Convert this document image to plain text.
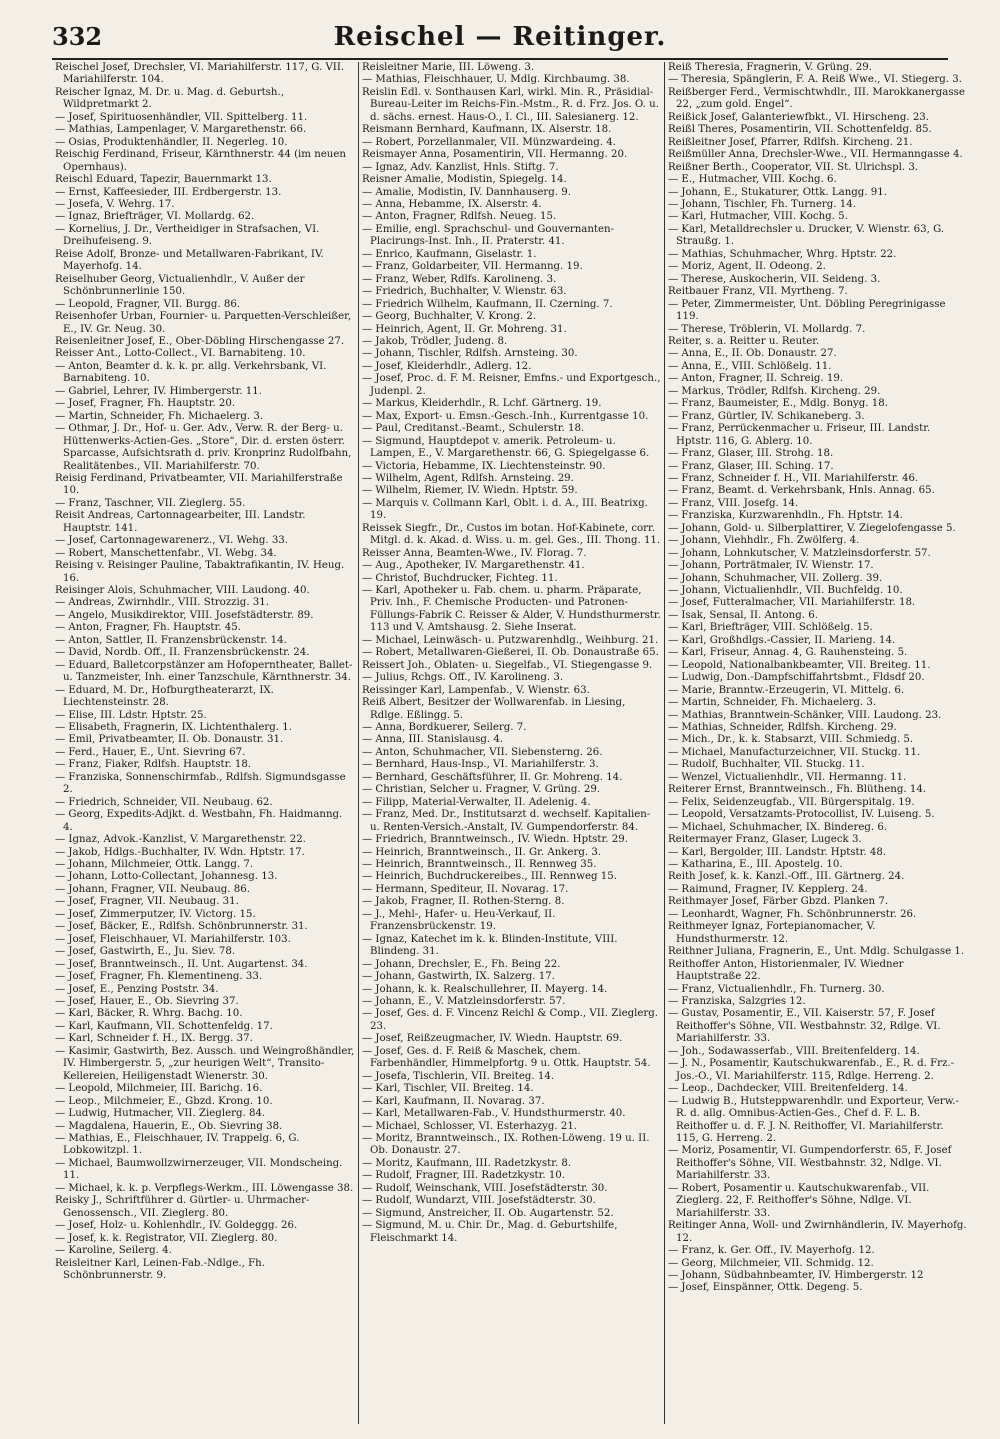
332	Reischel — Reitinger.

Reischel Josef, Drechsler, VI. Mariahilferstr. 117, G. VII. Mariahilferstr. 104.

Reischer Ignaz, M. Dr. u. Mag. d. Geburtsh., Wildpretmarkt 2.

— Josef, Spirituosenhändler, VII. Spittelberg. 11.

— Mathias, Lampenlager, V. Margarethenstr. 66.

— Osias, Produktenhändler, II. Negerleg. 10.

Reischig Ferdinand, Friseur, Kärnthnerstr. 44 (im neuen Opernhaus).

Reischl Eduard, Tapezir, Bauernmarkt 13.

— Ernst, Kaffeesieder, III. Erdbergerstr. 13.

— Josefa, V. Wehrg. 17.

— Ignaz, Briefträger, VI. Mollardg. 62.

— Kornelius, J. Dr., Vertheidiger in Strafsachen, VI. Dreihufeiseng. 9.

Reise Adolf, Bronze- und Metallwaren-Fabrikant, IV. Mayerhofg. 14.

Reiselhuber Georg, Victualienhdlr., V. Außer der Schönbrunnerlinie 150.

— Leopold, Fragner, VII. Burgg. 86.

Reisenhofer Urban, Fournier- u. Parquetten-Verschleißer, E., IV. Gr. Neug. 30.

Reisenleitner Josef, E., Ober-Döbling Hirschengasse 27.

Reisser Ant., Lotto-Collect., VI. Barnabiteng. 10.

— Anton, Beamter d. k. k. pr. allg. Verkehrsbank, VI. Barnabiteng. 10.

— Gabriel, Lehrer, IV. Himbergerstr. 11.

— Josef, Fragner, Fh. Hauptstr. 20.

— Martin, Schneider, Fh. Michaelerg. 3.

— Othmar, J. Dr., Hof- u. Ger. Adv., Verw. R. der Berg- u. Hüttenwerks-Actien-Ges. „Store“, Dir. d. ersten österr. Sparcasse, Aufsichtsrath d. priv. Kronprinz Rudolfbahn, Realitätenbes., VII. Mariahilferstr. 70.

Reisig Ferdinand, Privatbeamter, VII. Mariahilferstraße 10.

— Franz, Taschner, VII. Zieglerg. 55.

Reisit Andreas, Cartonnagearbeiter, III. Landstr. Hauptstr. 141.

— Josef, Cartonnagewarenerz., VI. Wehg. 33.

— Robert, Manschettenfabr., VI. Webg. 34.

Reising v. Reisinger Pauline, Tabaktrafikantin, IV. Heug. 16.

Reisinger Alois, Schuhmacher, VIII. Laudong. 40.

— Andreas, Zwirnhdlr., VIII. Strozzig. 31.

— Angelo, Musikdirektor, VIII. Josefstädterstr. 89.

— Anton, Fragner, Fh. Hauptstr. 45.

— Anton, Sattler, II. Franzensbrückenstr. 14.

— David, Nordb. Off., II. Franzensbrückenstr. 24.

— Eduard, Balletcorpstänzer am Hofoperntheater, Ballet- u. Tanzmeister, Inh. einer Tanzschule, Kärnthnerstr. 34.

— Eduard, M. Dr., Hofburgtheaterarzt, IX. Liechtensteinstr. 28.

— Elise, III. Ldstr. Hptstr. 25.

— Elisabeth, Fragnerin, IX. Lichtenthalerg. 1.

— Emil, Privatbeamter, II. Ob. Donaustr. 31.

— Ferd., Hauer, E., Unt. Sievring 67.

— Franz, Fiaker, Rdlfsh. Hauptstr. 18.

— Franziska, Sonnenschirmfab., Rdlfsh. Sigmundsgasse 2.

— Friedrich, Schneider, VII. Neubaug. 62.

— Georg, Expedits-Adjkt. d. Westbahn, Fh. Haidmanng. 4.

— Ignaz, Advok.-Kanzlist, V. Margarethenstr. 22.

— Jakob, Hdlgs.-Buchhalter, IV. Wdn. Hptstr. 17.

— Johann, Milchmeier, Ottk. Langg. 7.

— Johann, Lotto-Collectant, Johannesg. 13.

— Johann, Fragner, VII. Neubaug. 86.

— Josef, Fragner, VII. Neubaug. 31.

— Josef, Zimmerputzer, IV. Victorg. 15.

— Josef, Bäcker, E., Rdlfsh. Schönbrunnerstr. 31.

— Josef, Fleischhauer, VI. Mariahilferstr. 103.

— Josef, Gastwirth, E., Ju. Siev. 78.

— Josef, Branntweinsch., II. Unt. Augartenst. 34.

— Josef, Fragner, Fh. Klementineng. 33.

— Josef, E., Penzing Poststr. 34.

— Josef, Hauer, E., Ob. Sievring 37.

— Karl, Bäcker, R. Whrg. Bachg. 10.

— Karl, Kaufmann, VII. Schottenfeldg. 17.

— Karl, Schneider f. H., IX. Bergg. 37.

— Kasimir, Gastwirth, Bez. Aussch. und Weingroßhändler, IV. Himbergerstr. 5, „zur heurigen Welt“, Transito-Kellereien, Heiligenstadt Wienerstr. 30.

— Leopold, Milchmeier, III. Barichg. 16.

— Leop., Milchmeier, E., Gbzd. Krong. 10.

— Ludwig, Hutmacher, VII. Zieglerg. 84.

— Magdalena, Hauerin, E., Ob. Sievring 38.

— Mathias, E., Fleischhauer, IV. Trappelg. 6, G. Lobkowitzpl. 1.

— Michael, Baumwollzwirnerzeuger, VII. Mondscheing. 11.

— Michael, k. k. p. Verpflegs-Werkm., III. Löwengasse 38.

Reisky J., Schriftführer d. Gürtler- u. Uhrmacher-Genossensch., VII. Zieglerg. 80.

— Josef, Holz- u. Kohlenhdlr., IV. Goldeggg. 26.

— Josef, k. k. Registrator, VII. Zieglerg. 80.

— Karoline, Seilerg. 4.

Reisleitner Karl, Leinen-Fab.-Ndlge., Fh. Schönbrunnerstr. 9.

Reisleitner Marie, III. Löweng. 3.

— Mathias, Fleischhauer, U. Mdlg. Kirchbaumg. 38.

Reislin Edl. v. Sonthausen Karl, wirkl. Min. R., Präsidial-Bureau-Leiter im Reichs-Fin.-Mstm., R. d. Frz. Jos. O. u. d. sächs. ernest. Haus-O., I. Cl., III. Salesianerg. 12.

Reismann Bernhard, Kaufmann, IX. Alserstr. 18.

— Robert, Porzellanmaler, VII. Münzwardeing. 4.

Reismayer Anna, Posamentirin, VII. Hermanng. 20.

— Ignaz, Adv. Kanzlist, Hnls. Stiftg. 7.

Reisner Amalie, Modistin, Spiegelg. 14.

— Amalie, Modistin, IV. Dannhauserg. 9.

— Anna, Hebamme, IX. Alserstr. 4.

— Anton, Fragner, Rdlfsh. Neueg. 15.

— Emilie, engl. Sprachschul- und Gouvernanten-Placirungs-Inst. Inh., II. Praterstr. 41.

— Enrico, Kaufmann, Giselastr. 1.

— Franz, Goldarbeiter, VII. Hermanng. 19.

— Franz, Weber, Rdlfs. Karolineng. 3.

— Friedrich, Buchhalter, V. Wienstr. 63.

— Friedrich Wilhelm, Kaufmann, II. Czerning. 7.

— Georg, Buchhalter, V. Krong. 2.

— Heinrich, Agent, II. Gr. Mohreng. 31.

— Jakob, Trödler, Judeng. 8.

— Johann, Tischler, Rdlfsh. Arnsteing. 30.

— Josef, Kleiderhdlr., Adlerg. 12.

— Josef, Proc. d. F. M. Reisner, Emfns.- und Exportgesch., Judenpl. 2.

— Markus, Kleiderhdlr., R. Lchf. Gärtnerg. 19.

— Max, Export- u. Emsn.-Gesch.-Inh., Kurrentgasse 10.

— Paul, Creditanst.-Beamt., Schulerstr. 18.

— Sigmund, Hauptdepot v. amerik. Petroleum- u. Lampen, E., V. Margarethenstr. 66, G. Spiegelgasse 6.

— Victoria, Hebamme, IX. Liechtensteinstr. 90.

— Wilhelm, Agent, Rdlfsh. Arnsteing. 29.

— Wilhelm, Riemer, IV. Wiedn. Hptstr. 59.

— Marquis v. Collmann Karl, Oblt. i. d. A., III. Beatrixg. 19.

Reissek Siegfr., Dr., Custos im botan. Hof-Kabinete, corr. Mitgl. d. k. Akad. d. Wiss. u. m. gel. Ges., III. Thong. 11.

Reisser Anna, Beamten-Wwe., IV. Florag. 7.

— Aug., Apotheker, IV. Margarethenstr. 41.

— Christof, Buchdrucker, Fichteg. 11.

— Karl, Apotheker u. Fab. chem. u. pharm. Präparate, Priv. Inh., F. Chemische Producten- und Patronen-Füllungs-Fabrik C. Reisser & Alder, V. Hundsthurmerstr. 113 und V. Amtshausg. 2. Siehe Inserat.

— Michael, Leinwäsch- u. Putzwarenhdlg., Weihburg. 21.

— Robert, Metallwaren-Gießerei, II. Ob. Donaustraße 65.

Reissert Joh., Oblaten- u. Siegelfab., VI. Stiegengasse 9.

— Julius, Rchgs. Off., IV. Karolineng. 3.

Reissinger Karl, Lampenfab., V. Wienstr. 63.

Reiß Albert, Besitzer der Wollwarenfab. in Liesing, Rdlge. Eßlingg. 5.

— Anna, Bordkuerer, Seilerg. 7.

— Anna, III. Stanislausg. 4.

— Anton, Schuhmacher, VII. Siebensterng. 26.

— Bernhard, Haus-Insp., VI. Mariahilferstr. 3.

— Bernhard, Geschäftsführer, II. Gr. Mohreng. 14.

— Christian, Selcher u. Fragner, V. Grüng. 29.

— Filipp, Material-Verwalter, II. Adelenig. 4.

— Franz, Med. Dr., Institutsarzt d. wechself. Kapitalien- u. Renten-Versich.-Anstalt, IV. Gumpendorferstr. 84.

— Friedrich, Branntweinsch., IV. Wiedn. Hptstr. 29.

— Heinrich, Branntweinsch., II. Gr. Ankerg. 3.

— Heinrich, Branntweinsch., II. Rennweg 35.

— Heinrich, Buchdruckereibes., III. Rennweg 15.

— Hermann, Spediteur, II. Novarag. 17.

— Jakob, Fragner, II. Rothen-Sterng. 8.

— J., Mehl-, Hafer- u. Heu-Verkauf, II. Franzensbrückenstr. 19.

— Ignaz, Katechet im k. k. Blinden-Institute, VIII. Blindeng. 31.

— Johann, Drechsler, E., Fh. Being 22.

— Johann, Gastwirth, IX. Salzerg. 17.

— Johann, k. k. Realschullehrer, II. Mayerg. 14.

— Johann, E., V. Matzleinsdorferstr. 57.

— Josef, Ges. d. F. Vincenz Reichl & Comp., VII. Zieglerg. 23.

— Josef, Reißzeugmacher, IV. Wiedn. Hauptstr. 69.

— Josef, Ges. d. F. Reiß & Maschek, chem. Farbenhändler, Himmelpfortg. 9 u. Ottk. Hauptstr. 54.

— Josefa, Tischlerin, VII. Breiteg. 14.

— Karl, Tischler, VII. Breiteg. 14.

— Karl, Kaufmann, II. Novarag. 37.

— Karl, Metallwaren-Fab., V. Hundsthurmerstr. 40.

— Michael, Schlosser, VI. Esterhazyg. 21.

— Moritz, Branntweinsch., IX. Rothen-Löweng. 19 u. II. Ob. Donaustr. 27.

— Moritz, Kaufmann, III. Radetzkystr. 8.

— Rudolf, Fragner, III. Radetzkystr. 10.

— Rudolf, Weinschank, VIII. Josefstädterstr. 30.

— Rudolf, Wundarzt, VIII. Josefstädterstr. 30.

— Sigmund, Anstreicher, II. Ob. Augartenstr. 52.

— Sigmund, M. u. Chir. Dr., Mag. d. Geburtshilfe, Fleischmarkt 14.

Reiß Theresia, Fragnerin, V. Grüng. 29.

— Theresia, Spänglerin, F. A. Reiß Wwe., VI. Stiegerg. 3.

Reißberger Ferd., Vermischtwhdlr., III. Marokkanergasse 22, „zum gold. Engel“.

Reißick Josef, Galanteriewfbkt., VI. Hirscheng. 23.

Reißl Theres, Posamentirin, VII. Schottenfeldg. 85.

Reißleitner Josef, Pfarrer, Rdlfsh. Kircheng. 21.

Reißmüller Anna, Drechsler-Wwe., VII. Hermanngasse 4.

Reißner Berth., Cooperator, VII. St. Ulrichspl. 3.

— E., Hutmacher, VIII. Kochg. 6.

— Johann, E., Stukaturer, Ottk. Langg. 91.

— Johann, Tischler, Fh. Turnerg. 14.

— Karl, Hutmacher, VIII. Kochg. 5.

— Karl, Metalldrechsler u. Drucker, V. Wienstr. 63, G. Straußg. 1.

— Mathias, Schuhmacher, Whrg. Hptstr. 22.

— Moriz, Agent, II. Odeong. 2.

— Therese, Auskocherin, VII. Seideng. 3.

Reitbauer Franz, VII. Myrtheng. 7.

— Peter, Zimmermeister, Unt. Döbling Peregrinigasse 119.

— Therese, Tröblerin, VI. Mollardg. 7.

Reiter, s. a. Reitter u. Reuter.

— Anna, E., II. Ob. Donaustr. 27.

— Anna, E., VIII. Schlößelg. 11.

— Anton, Fragner, II. Schreig. 19.

— Markus, Trödler, Rdlfsh. Kircheng. 29.

— Franz, Baumeister, E., Mdlg. Bonyg. 18.

— Franz, Gürtler, IV. Schikaneberg. 3.

— Franz, Perrückenmacher u. Friseur, III. Landstr. Hptstr. 116, G. Ablerg. 10.

— Franz, Glaser, III. Strohg. 18.

— Franz, Glaser, III. Sching. 17.

— Franz, Schneider f. H., VII. Mariahilferstr. 46.

— Franz, Beamt. d. Verkehrsbank, Hnls. Annag. 65.

— Franz, VIII. Josefg. 14.

— Franziska, Kurzwarenhdln., Fh. Hptstr. 14.

— Johann, Gold- u. Silberplattirer, V. Ziegelofengasse 5.

— Johann, Viehhdlr., Fh. Zwölferg. 4.

— Johann, Lohnkutscher, V. Matzleinsdorferstr. 57.

— Johann, Porträtmaler, IV. Wienstr. 17.

— Johann, Schuhmacher, VII. Zollerg. 39.

— Johann, Victualienhdlr., VII. Buchfeldg. 10.

— Josef, Futteralmacher, VII. Mariahilferstr. 18.

— Isak, Sensal, II. Antong. 6.

— Karl, Briefträger, VIII. Schlößelg. 15.

— Karl, Großhdlgs.-Cassier, II. Marieng. 14.

— Karl, Friseur, Annag. 4, G. Rauhensteing. 5.

— Leopold, Nationalbankbeamter, VII. Breiteg. 11.

— Ludwig, Don.-Dampfschiffahrtsbmt., Fldsdf 20.

— Marie, Branntw.-Erzeugerin, VI. Mittelg. 6.

— Martin, Schneider, Fh. Michaelerg. 3.

— Mathias, Branntwein-Schänker, VIII. Laudong. 23.

— Mathias, Schneider, Rdlfsh. Kircheng. 29.

— Mich., Dr., k. k. Stabsarzt, VIII. Schmiedg. 5.

— Michael, Manufacturzeichner, VII. Stuckg. 11.

— Rudolf, Buchhalter, VII. Stuckg. 11.

— Wenzel, Victualienhdlr., VII. Hermanng. 11.

Reiterer Ernst, Branntweinsch., Fh. Blütheng. 14.

— Felix, Seidenzeugfab., VII. Bürgerspitalg. 19.

— Leopold, Versatzamts-Protocollist, IV. Luiseng. 5.

— Michael, Schuhmacher, IX. Bindereg. 6.

Reitermayer Franz, Glaser, Lugeck 3.

— Karl, Bergolder, III. Landstr. Hptstr. 48.

— Katharina, E., III. Apostelg. 10.

Reith Josef, k. k. Kanzl.-Off., III. Gärtnerg. 24.

— Raimund, Fragner, IV. Kepplerg. 24.

Reithmayer Josef, Färber Gbzd. Planken 7.

— Leonhardt, Wagner, Fh. Schönbrunnerstr. 26.

Reithmeyer Ignaz, Fortepianomacher, V. Hundsthurmerstr. 12.

Reithner Juliana, Fragnerin, E., Unt. Mdlg. Schulgasse 1.

Reithoffer Anton, Historienmaler, IV. Wiedner Hauptstraße 22.

— Franz, Victualienhdlr., Fh. Turnerg. 30.

— Franziska, Salzgries 12.

— Gustav, Posamentir, E., VII. Kaiserstr. 57, F. Josef Reithoffer's Söhne, VII. Westbahnstr. 32, Rdlge. VI. Mariahilferstr. 33.

— Joh., Sodawasserfab., VIII. Breitenfelderg. 14.

— J. N., Posamentir, Kautschukwarenfab., E., R. d. Frz.-Jos.-O., VI. Mariahilferstr. 115, Rdlge. Herreng. 2.

— Leop., Dachdecker, VIII. Breitenfelderg. 14.

— Ludwig B., Hutsteppwarenhdlr. und Exporteur, Verw.-R. d. allg. Omnibus-Actien-Ges., Chef d. F. L. B. Reithoffer u. d. F. J. N. Reithoffer, VI. Mariahilferstr. 115, G. Herreng. 2.

— Moriz, Posamentir, VI. Gumpendorferstr. 65, F. Josef Reithoffer's Söhne, VII. Westbahnstr. 32, Ndlge. VI. Mariahilferstr. 33.

— Robert, Posamentir u. Kautschukwarenfab., VII. Zieglerg. 22, F. Reithoffer's Söhne, Ndlge. VI. Mariahilferstr. 33.

Reitinger Anna, Woll- und Zwirnhändlerin, IV. Mayerhofg. 12.

— Franz, k. Ger. Off., IV. Mayerhofg. 12.

— Georg, Milchmeier, VII. Schmidg. 12.

— Johann, Südbahnbeamter, IV. Himbergerstr. 12

— Josef, Einspänner, Ottk. Degeng. 5.
